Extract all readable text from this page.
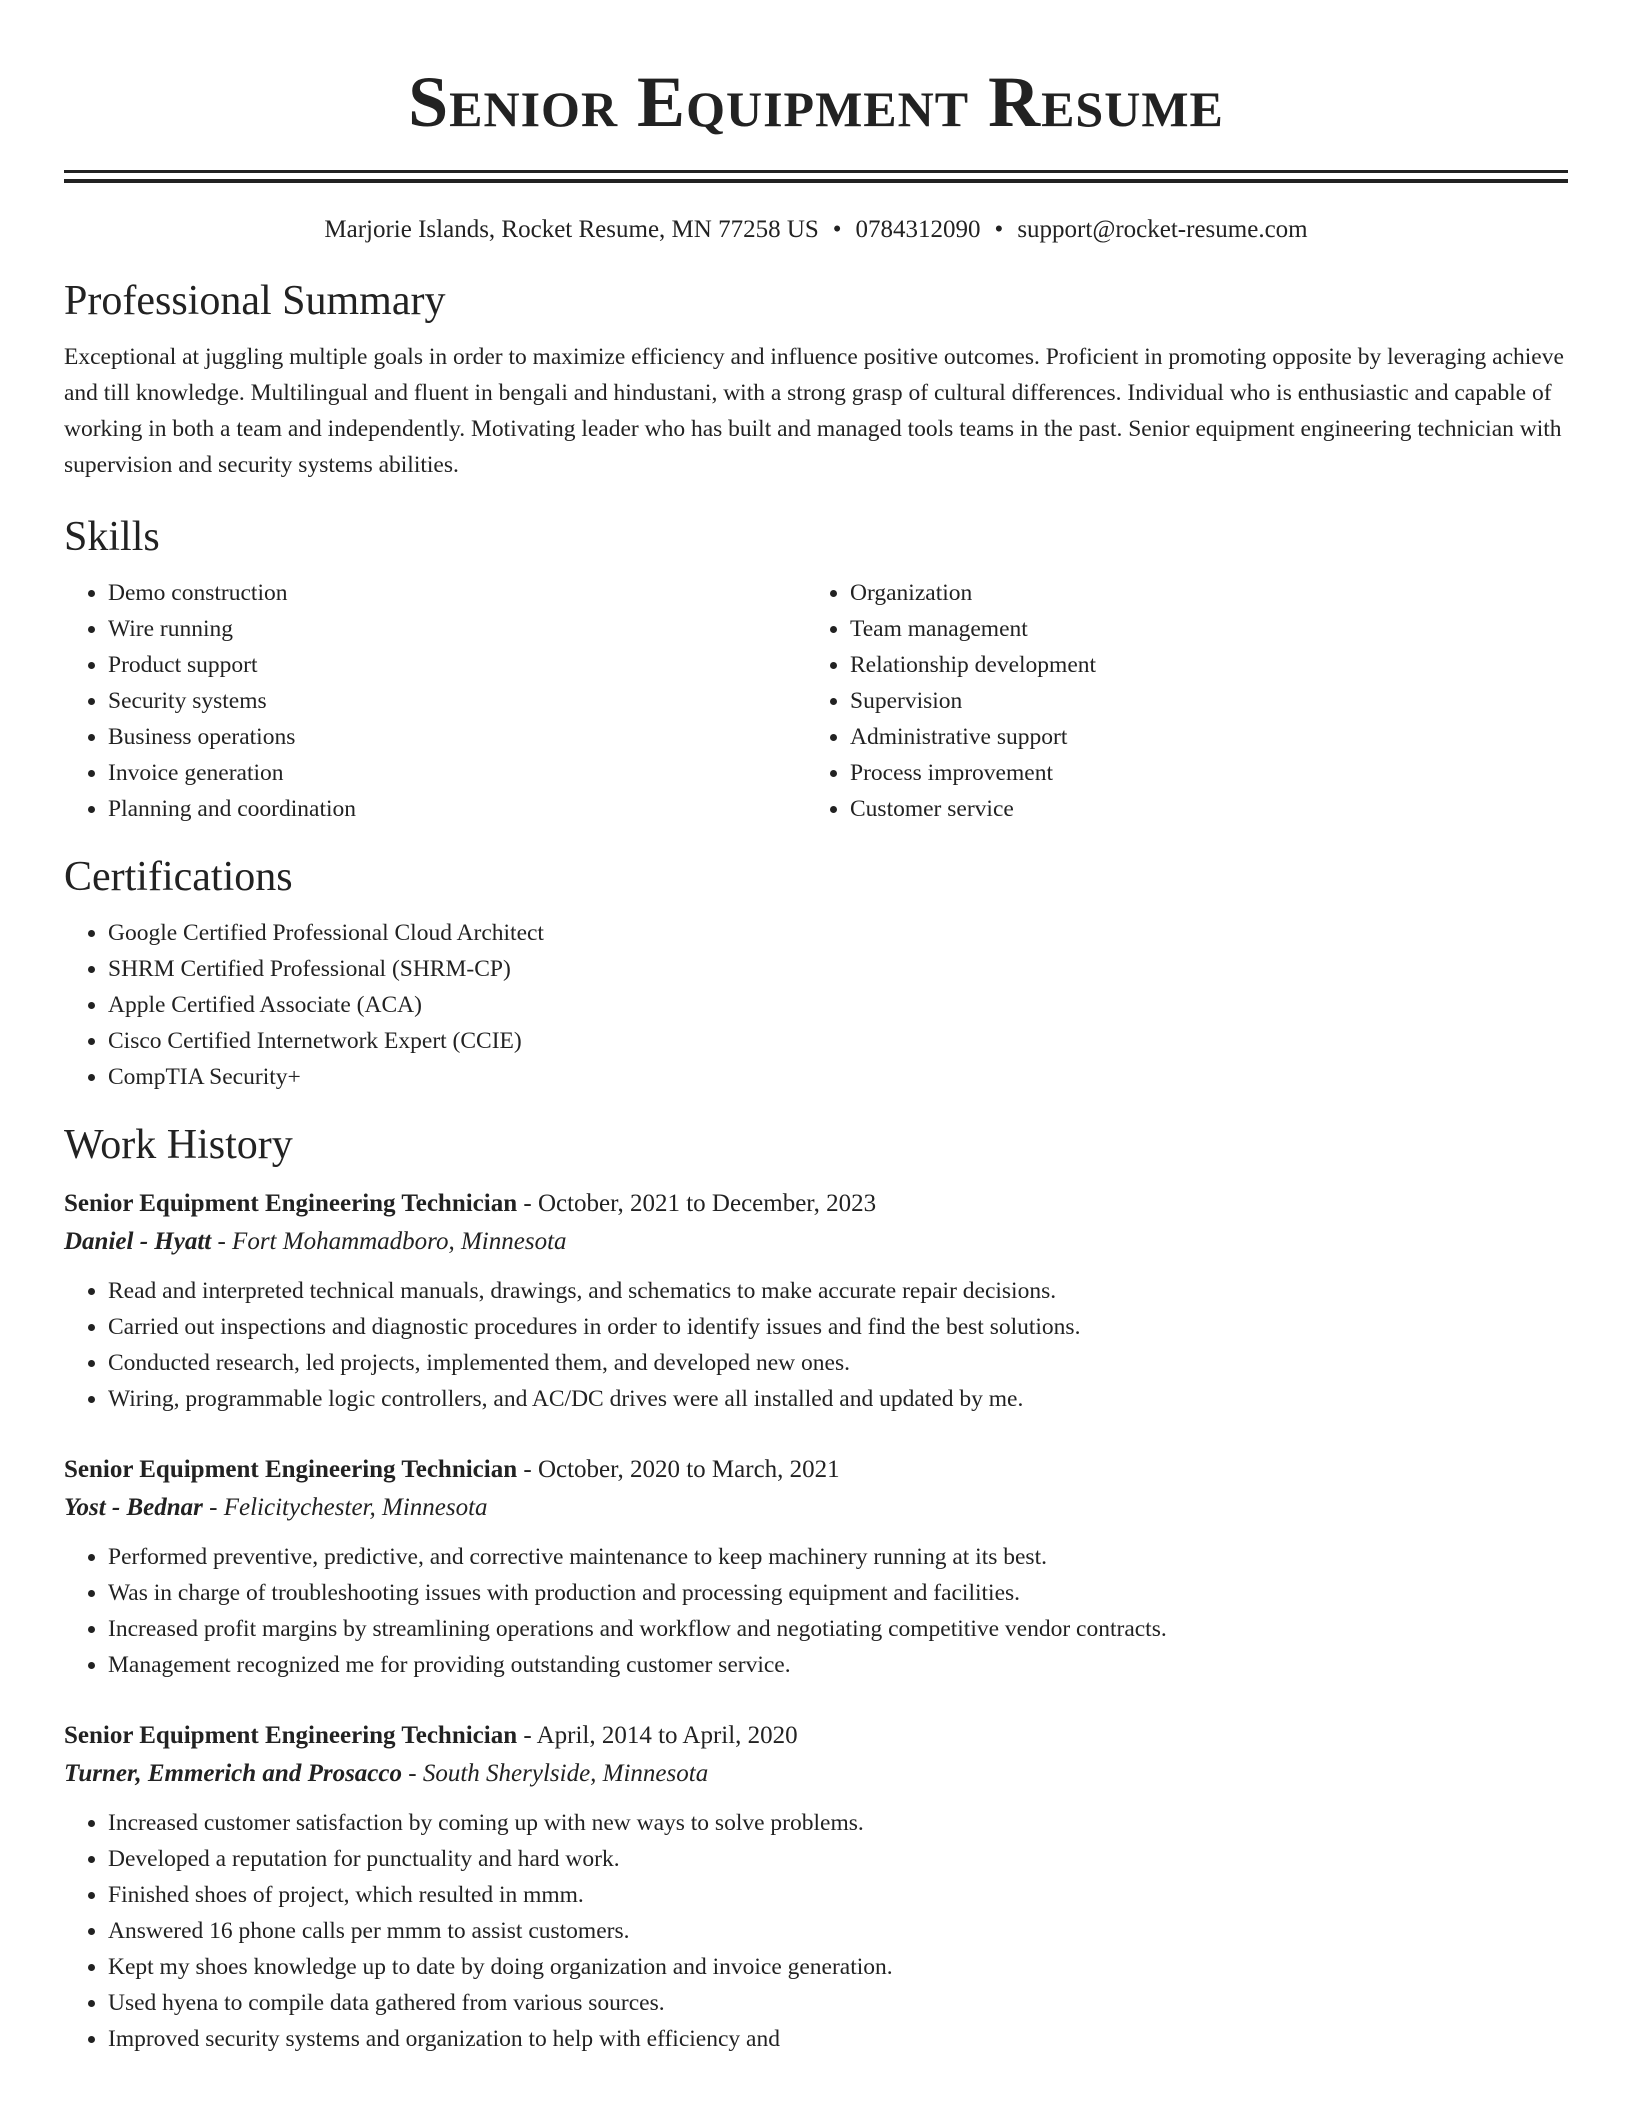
Senior Equipment Resume
Marjorie Islands, Rocket Resume, MN 77258 US • 0784312090 • support@rocket-resume.com
Professional Summary
Exceptional at juggling multiple goals in order to maximize efficiency and influence positive outcomes. Proficient in promoting opposite by leveraging achieve and till knowledge. Multilingual and fluent in bengali and hindustani, with a strong grasp of cultural differences. Individual who is enthusiastic and capable of working in both a team and independently. Motivating leader who has built and managed tools teams in the past. Senior equipment engineering technician with supervision and security systems abilities.
Skills
• Demo construction
• Wire running
• Product support
• Security systems
• Business operations
• Invoice generation
• Planning and coordination
• Organization
• Team management
• Relationship development
• Supervision
• Administrative support
• Process improvement
• Customer service
Certifications
• Google Certified Professional Cloud Architect
• SHRM Certified Professional (SHRM-CP)
• Apple Certified Associate (ACA)
• Cisco Certified Internetwork Expert (CCIE)
• CompTIA Security+
Work History
Senior Equipment Engineering Technician - October, 2021 to December, 2023
Daniel - Hyatt - Fort Mohammadboro, Minnesota
• Read and interpreted technical manuals, drawings, and schematics to make accurate repair decisions.
• Carried out inspections and diagnostic procedures in order to identify issues and find the best solutions.
• Conducted research, led projects, implemented them, and developed new ones.
• Wiring, programmable logic controllers, and AC/DC drives were all installed and updated by me.
Senior Equipment Engineering Technician - October, 2020 to March, 2021
Yost - Bednar - Felicitychester, Minnesota
• Performed preventive, predictive, and corrective maintenance to keep machinery running at its best.
• Was in charge of troubleshooting issues with production and processing equipment and facilities.
• Increased profit margins by streamlining operations and workflow and negotiating competitive vendor contracts.
• Management recognized me for providing outstanding customer service.
Senior Equipment Engineering Technician - April, 2014 to April, 2020
Turner, Emmerich and Prosacco - South Sherylside, Minnesota
• Increased customer satisfaction by coming up with new ways to solve problems.
• Developed a reputation for punctuality and hard work.
• Finished shoes of project, which resulted in mmm.
• Answered 16 phone calls per mmm to assist customers.
• Kept my shoes knowledge up to date by doing organization and invoice generation.
• Used hyena to compile data gathered from various sources.
• Improved security systems and organization to help with efficiency and
